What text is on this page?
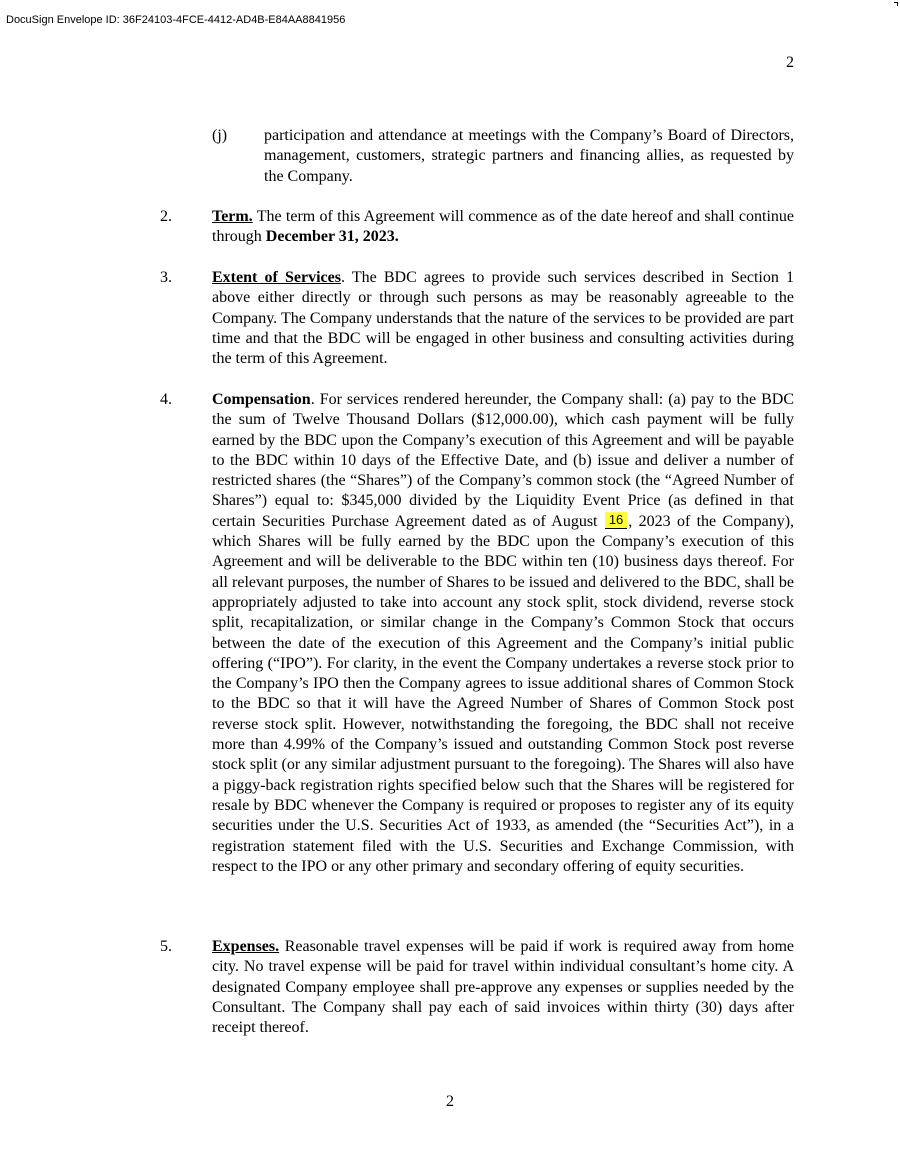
DocuSign Envelope ID: 36F24103-4FCE-4412-AD4B-E84AA8841956
2
(j) participation and attendance at meetings with the Company’s Board of Directors, management, customers, strategic partners and financing allies, as requested by the Company.
2.	Term. The term of this Agreement will commence as of the date hereof and shall continue through December 31, 2023.
3.	Extent of Services. The BDC agrees to provide such services described in Section 1 above either directly or through such persons as may be reasonably agreeable to the Company. The Company understands that the nature of the services to be provided are part time and that the BDC will be engaged in other business and consulting activities during the term of this Agreement.
4.	Compensation. For services rendered hereunder, the Company shall: (a) pay to the BDC the sum of Twelve Thousand Dollars ($12,000.00), which cash payment will be fully earned by the BDC upon the Company’s execution of this Agreement and will be payable to the BDC within 10 days of the Effective Date, and (b) issue and deliver a number of restricted shares (the “Shares”) of the Company’s common stock (the “Agreed Number of Shares”) equal to: $345,000 divided by the Liquidity Event Price (as defined in that certain Securities Purchase Agreement dated as of August 16 , 2023 of the Company), which Shares will be fully earned by the BDC upon the Company’s execution of this Agreement and will be deliverable to the BDC within ten (10) business days thereof. For all relevant purposes, the number of Shares to be issued and delivered to the BDC, shall be appropriately adjusted to take into account any stock split, stock dividend, reverse stock split, recapitalization, or similar change in the Company’s Common Stock that occurs between the date of the execution of this Agreement and the Company’s initial public offering (“IPO”). For clarity, in the event the Company undertakes a reverse stock prior to the Company’s IPO then the Company agrees to issue additional shares of Common Stock to the BDC so that it will have the Agreed Number of Shares of Common Stock post reverse stock split. However, notwithstanding the foregoing, the BDC shall not receive more than 4.99% of the Company’s issued and outstanding Common Stock post reverse stock split (or any similar adjustment pursuant to the foregoing). The Shares will also have a piggy-back registration rights specified below such that the Shares will be registered for resale by BDC whenever the Company is required or proposes to register any of its equity securities under the U.S. Securities Act of 1933, as amended (the “Securities Act”), in a registration statement filed with the U.S. Securities and Exchange Commission, with respect to the IPO or any other primary and secondary offering of equity securities.
5.	Expenses. Reasonable travel expenses will be paid if work is required away from home city. No travel expense will be paid for travel within individual consultant’s home city. A designated Company employee shall pre-approve any expenses or supplies needed by the Consultant. The Company shall pay each of said invoices within thirty (30) days after receipt thereof.
2
